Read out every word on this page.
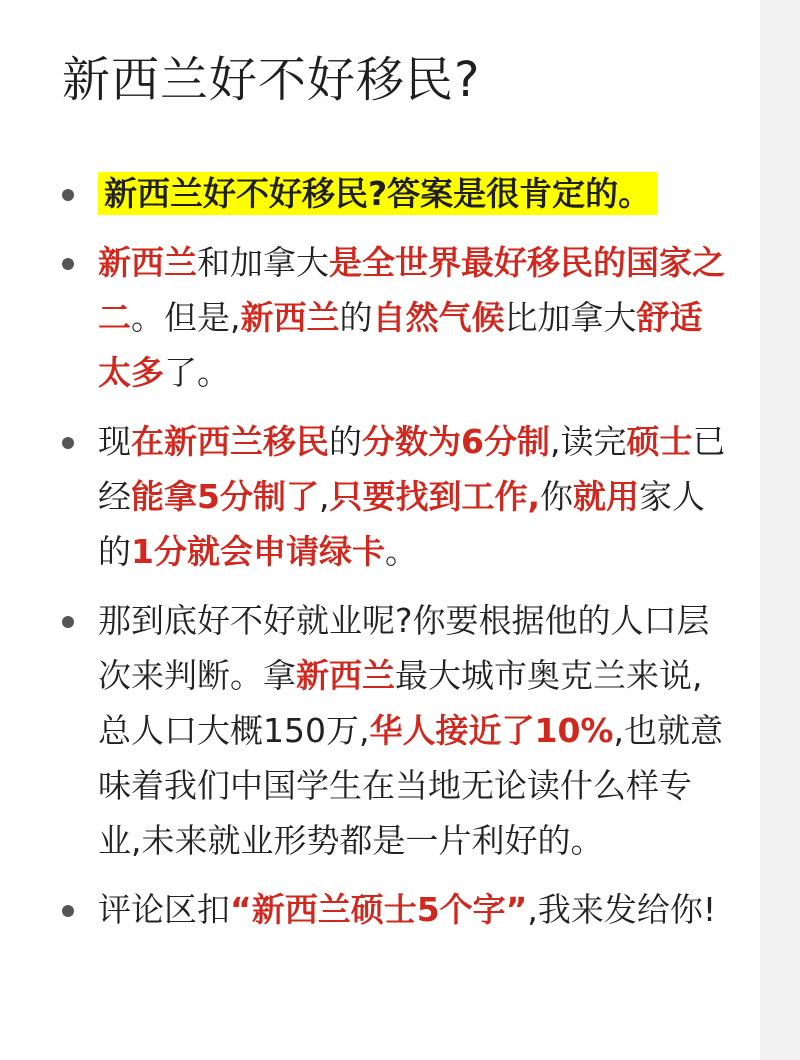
新西兰好不好移民?
新西兰好不好移民?答案是很肯定的。
新西兰和加拿大是全世界最好移民的国家之二。但是,新西兰的自然气候比加拿大舒适太多了。
现在新西兰移民的分数为6分制,读完硕士已经能拿5分制了,只要找到工作,你就用家人的1分就会申请绿卡。
那到底好不好就业呢?你要根据他的人口层次来判断。拿新西兰最大城市奥克兰来说,总人口大概150万,华人接近了10%,也就意味着我们中国学生在当地无论读什么样专业,未来就业形势都是一片利好的。
评论区扣“新西兰硕士5个字”,我来发给你!
